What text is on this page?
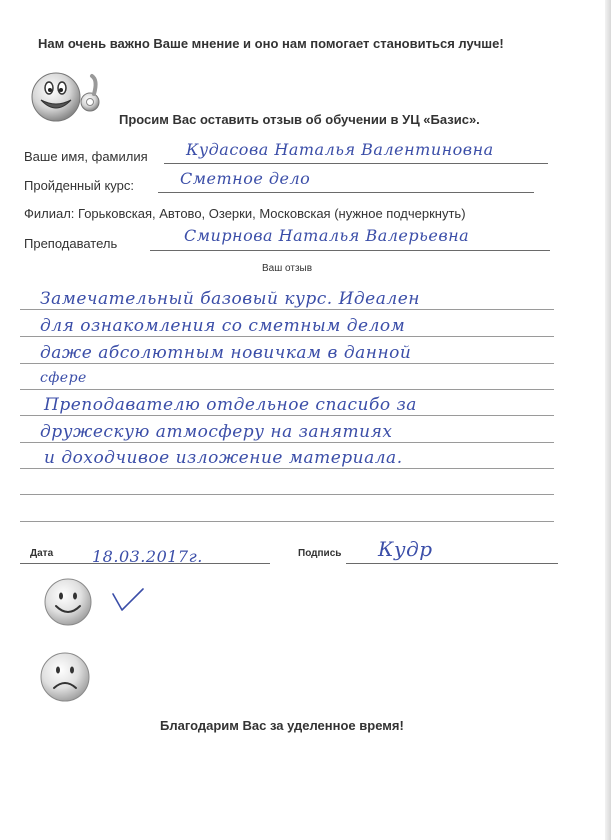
Нам очень важно Ваше мнение и оно нам помогает становиться лучше!
Просим Вас оставить отзыв об обучении в УЦ «Базис».
Ваше имя, фамилия Кудасова Наталья Валентиновна
Пройденный курс:	Сметное дело
Филиал: Горьковская, Автово, Озерки, Московская (нужное подчеркнуть)
Преподаватель	Смирнова Наталья Валерьевна
Ваш отзыв
Замечательный базовый курс. Идеален
для ознакомления со сметным делом
даже абсолютным новичкам в данной
сфере
Преподавателю отдельное спасибо за
дружескую атмосферу на занятиях
и доходчивое изложение материала.
Дата 18.03.2017г.	Подпись Кудр
Благодарим Вас за уделенное время!
